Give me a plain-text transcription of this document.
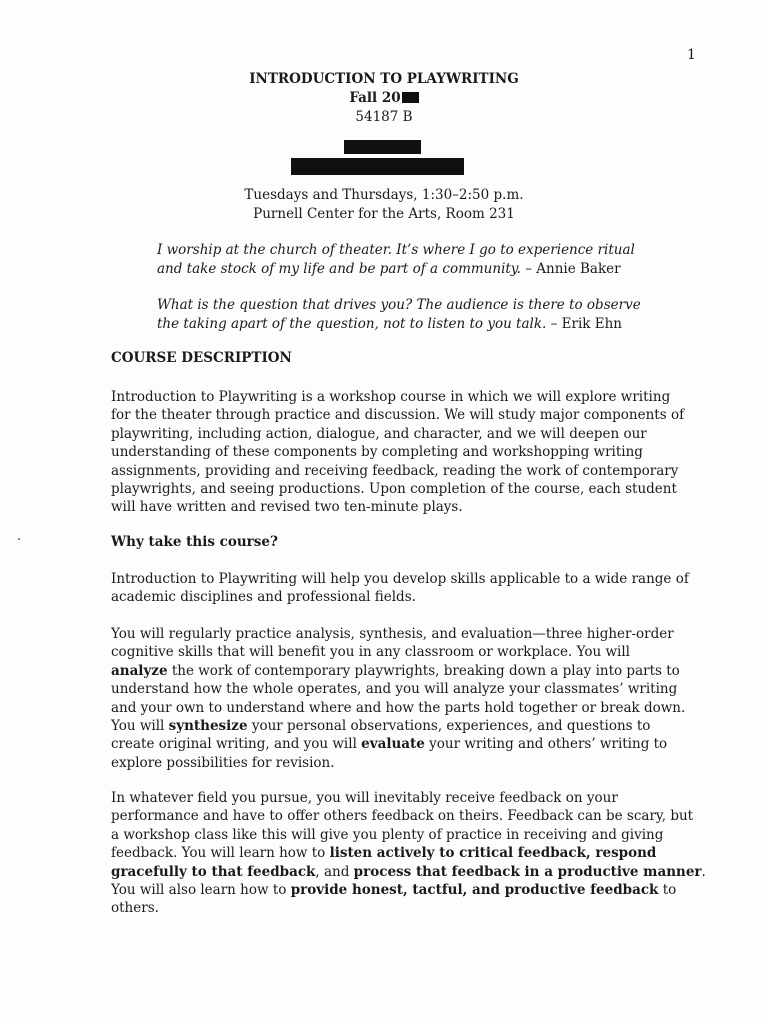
1
INTRODUCTION TO PLAYWRITING
Fall 20
54187 B
Tuesdays and Thursdays, 1:30–2:50 p.m.
Purnell Center for the Arts, Room 231
I worship at the church of theater. It’s where I go to experience ritual
and take stock of my life and be part of a community. – Annie Baker
What is the question that drives you? The audience is there to observe
the taking apart of the question, not to listen to you talk. – Erik Ehn
COURSE DESCRIPTION
Introduction to Playwriting is a workshop course in which we will explore writing
for the theater through practice and discussion. We will study major components of
playwriting, including action, dialogue, and character, and we will deepen our
understanding of these components by completing and workshopping writing
assignments, providing and receiving feedback, reading the work of contemporary
playwrights, and seeing productions. Upon completion of the course, each student
will have written and revised two ten-minute plays.
Why take this course?
Introduction to Playwriting will help you develop skills applicable to a wide range of
academic disciplines and professional fields.
You will regularly practice analysis, synthesis, and evaluation—three higher-order
cognitive skills that will benefit you in any classroom or workplace. You will
analyze the work of contemporary playwrights, breaking down a play into parts to
understand how the whole operates, and you will analyze your classmates’ writing
and your own to understand where and how the parts hold together or break down.
You will synthesize your personal observations, experiences, and questions to
create original writing, and you will evaluate your writing and others’ writing to
explore possibilities for revision.
In whatever field you pursue, you will inevitably receive feedback on your
performance and have to offer others feedback on theirs. Feedback can be scary, but
a workshop class like this will give you plenty of practice in receiving and giving
feedback. You will learn how to listen actively to critical feedback, respond
gracefully to that feedback, and process that feedback in a productive manner.
You will also learn how to provide honest, tactful, and productive feedback to
others.
